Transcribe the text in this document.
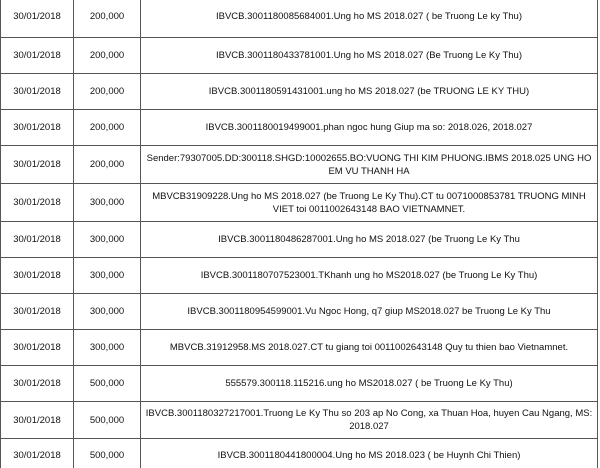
30/01/2018	200,000	IBVCB.3001180085684001.Ung ho MS 2018.027 ( be Truong Le ky Thu)
30/01/2018	200,000	IBVCB.3001180433781001.Ung ho MS 2018.027 (Be Truong Le Ky Thu)
30/01/2018	200,000	IBVCB.3001180591431001.ung ho MS 2018.027 (be TRUONG LE KY THU)
30/01/2018	200,000	IBVCB.3001180019499001.phan ngoc hung Giup ma so: 2018.026, 2018.027
30/01/2018	200,000	Sender:79307005.DD:300118.SHGD:10002655.BO:VUONG THI KIM PHUONG.IBMS 2018.025 UNG HO EM VU THANH HA
30/01/2018	300,000	MBVCB31909228.Ung ho MS 2018.027 (be Truong Le Ky Thu).CT tu 0071000853781 TRUONG MINH VIET toi 0011002643148 BAO VIETNAMNET.
30/01/2018	300,000	IBVCB.3001180486287001.Ung ho MS 2018.027 (be Truong Le Ky Thu
30/01/2018	300,000	IBVCB.3001180707523001.TKhanh ung ho MS2018.027 (be Truong Le Ky Thu)
30/01/2018	300,000	IBVCB.3001180954599001.Vu Ngoc Hong, q7 giup MS2018.027 be Truong Le Ky Thu
30/01/2018	300,000	MBVCB.31912958.MS 2018.027.CT tu giang toi 0011002643148 Quy tu thien bao Vietnamnet.
30/01/2018	500,000	555579.300118.115216.ung ho MS2018.027 ( be Truong Le Ky Thu)
30/01/2018	500,000	IBVCB.3001180327217001.Truong Le Ky Thu so 203 ap No Cong, xa Thuan Hoa, huyen Cau Ngang, MS: 2018.027
30/01/2018	500,000	IBVCB.3001180441800004.Ung ho MS 2018.023 ( be Huynh Chi Thien)
